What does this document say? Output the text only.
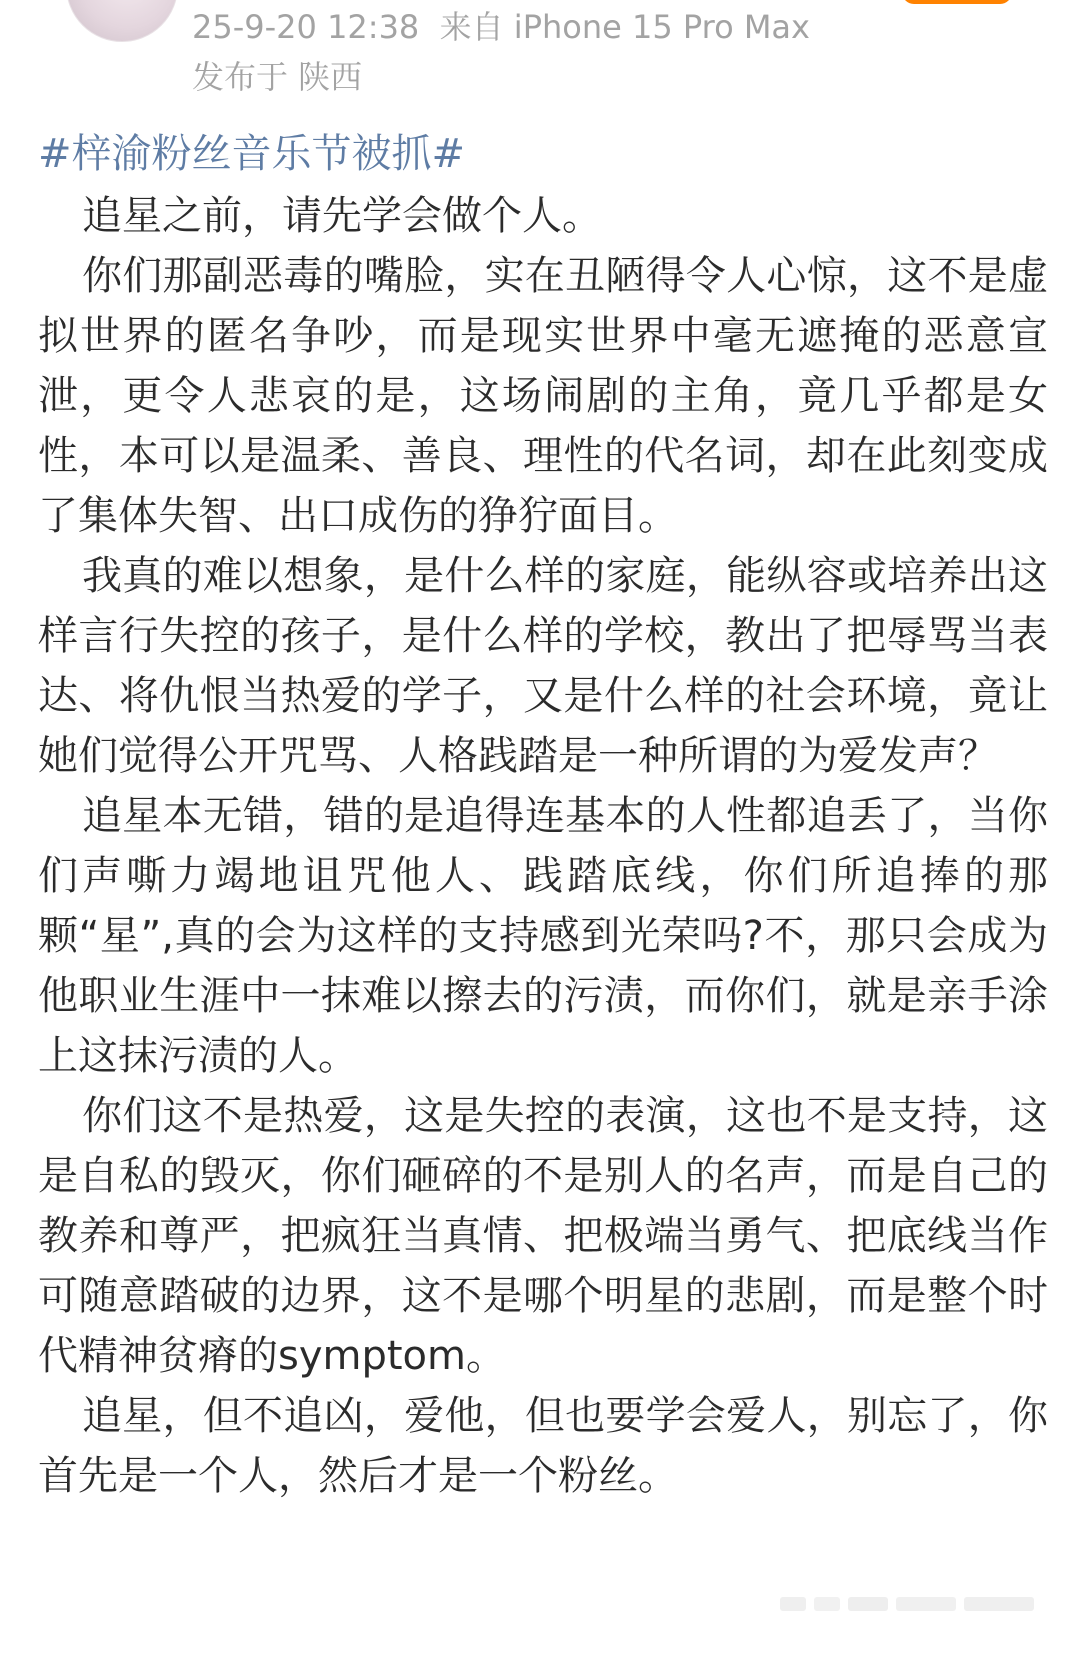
25-9-20 12:38 来自 iPhone 15 Pro Max
发布于 陕西
#梓渝粉丝音乐节被抓#

追星之前，请先学会做个人。

你们那副恶毒的嘴脸，实在丑陋得令人心惊，这不是虚拟世界的匿名争吵，而是现实世界中毫无遮掩的恶意宣泄，更令人悲哀的是，这场闹剧的主角，竟几乎都是女性，本可以是温柔、善良、理性的代名词，却在此刻变成了集体失智、出口成伤的狰狞面目。

我真的难以想象，是什么样的家庭，能纵容或培养出这样言行失控的孩子，是什么样的学校，教出了把辱骂当表达、将仇恨当热爱的学子，又是什么样的社会环境，竟让她们觉得公开咒骂、人格践踏是一种所谓的为爱发声？

追星本无错，错的是追得连基本的人性都追丢了，当你们声嘶力竭地诅咒他人、践踏底线，你们所追捧的那颗“星”,真的会为这样的支持感到光荣吗?不，那只会成为他职业生涯中一抹难以擦去的污渍，而你们，就是亲手涂上这抹污渍的人。

你们这不是热爱，这是失控的表演，这也不是支持，这是自私的毁灭，你们砸碎的不是别人的名声，而是自己的教养和尊严，把疯狂当真情、把极端当勇气、把底线当作可随意踏破的边界，这不是哪个明星的悲剧，而是整个时代精神贫瘠的symptom。

追星，但不追凶，爱他，但也要学会爱人，别忘了，你首先是一个人，然后才是一个粉丝。
